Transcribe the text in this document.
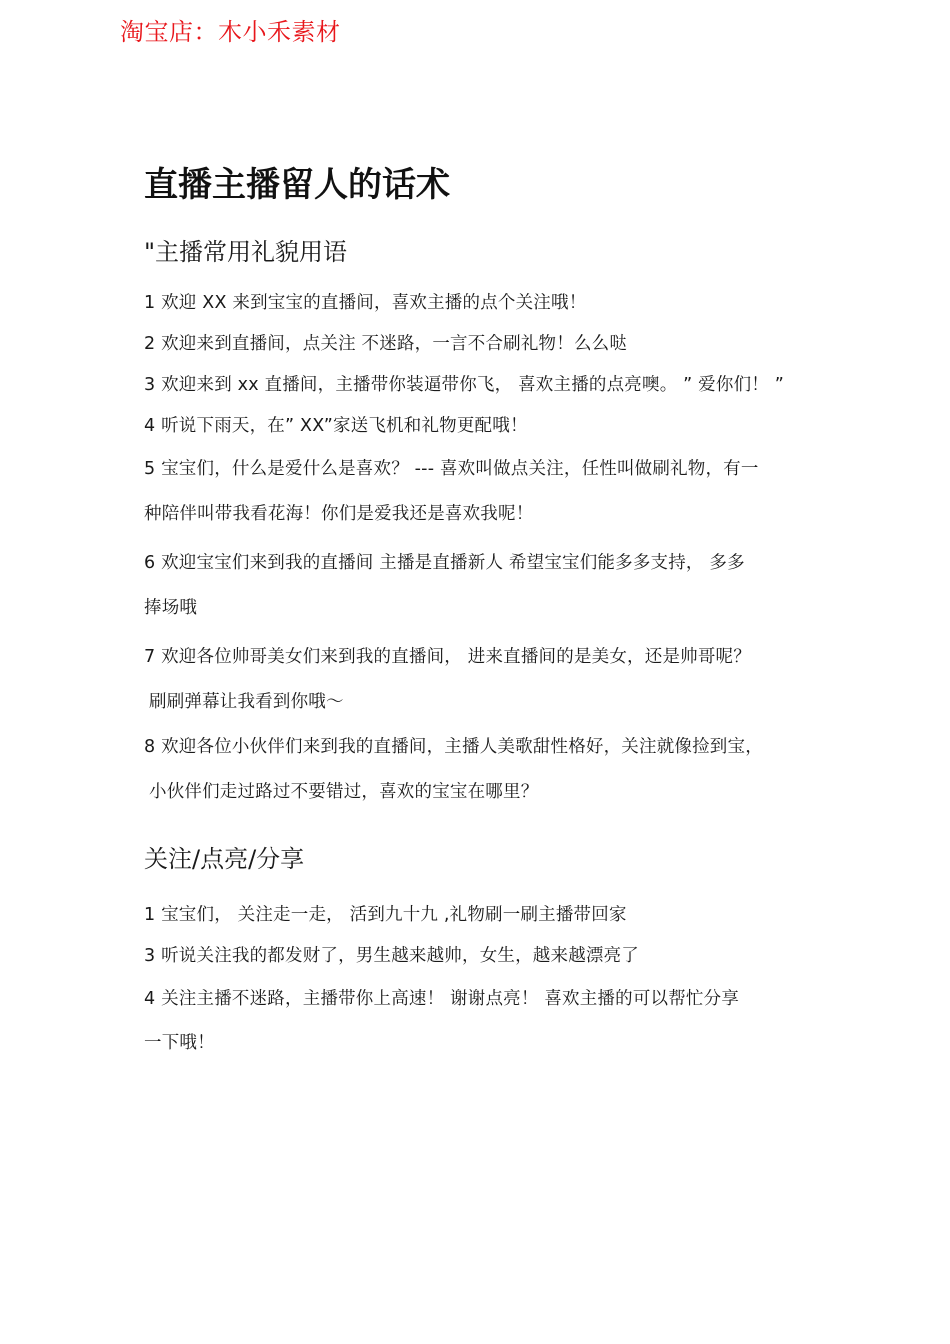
淘宝店：木小禾素材
直播主播留人的话术
"主播常用礼貌用语
1 欢迎 XX 来到宝宝的直播间，喜欢主播的点个关注哦！
2 欢迎来到直播间，点关注 不迷路，一言不合刷礼物！么么哒
3 欢迎来到 xx 直播间，主播带你装逼带你飞， 喜欢主播的点亮噢。 ” 爱你们！ ”
4 听说下雨天，在” XX”家送飞机和礼物更配哦！
5 宝宝们，什么是爱什么是喜欢？ --- 喜欢叫做点关注，任性叫做刷礼物，有一
种陪伴叫带我看花海！你们是爱我还是喜欢我呢！
6 欢迎宝宝们来到我的直播间 主播是直播新人 希望宝宝们能多多支持， 多多
捧场哦
7 欢迎各位帅哥美女们来到我的直播间， 进来直播间的是美女，还是帅哥呢？
刷刷弹幕让我看到你哦～
8 欢迎各位小伙伴们来到我的直播间，主播人美歌甜性格好，关注就像捡到宝，
小伙伴们走过路过不要错过，喜欢的宝宝在哪里？
关注/点亮/分享
1 宝宝们， 关注走一走， 活到九十九 ,礼物刷一刷主播带回家
3 听说关注我的都发财了，男生越来越帅，女生，越来越漂亮了
4 关注主播不迷路，主播带你上高速！ 谢谢点亮！ 喜欢主播的可以帮忙分享
一下哦！
